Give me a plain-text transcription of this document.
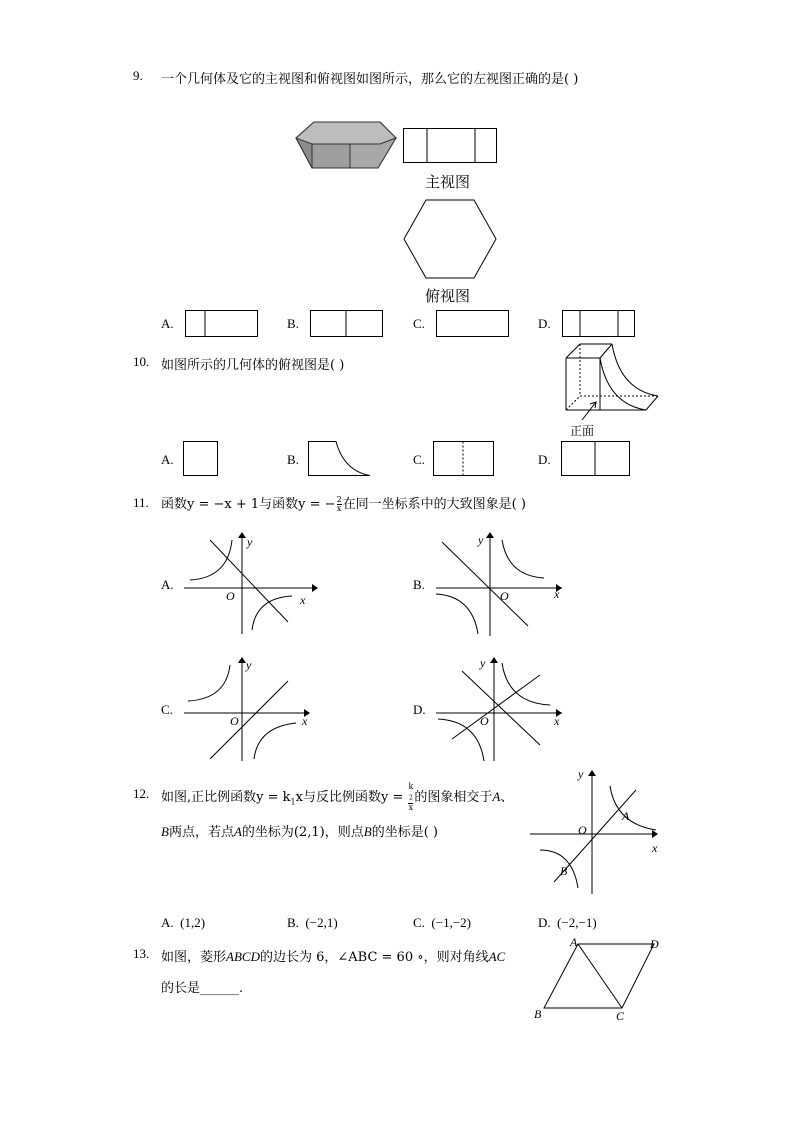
9. 一个几何体及它的主视图和俯视图如图所示，那么它的左视图正确的是( )
主视图
俯视图
A.	B.	C.	D.
10. 如图所示的几何体的俯视图是( )
正面
A.	B.	C.	D.
11. 函数y = −x + 1与函数y = − $\frac{2}{x}$ 在同一坐标系中的大致图象是( )
A.
y
O	x
B.
y
O	x
C.
y
O	x
D.
y
O	x
12. 如图,正比例函数$y = k_1x$与反比例函数y = k
$_2$
x 的图象相交于A、
B两点，若点A的坐标为(2,1)，则点B的坐标是( )
y
O
x
A
B
A. (1,2)	B. (−2,1)	C. (−1,−2)	D. (−2,−1)
13. 如图，菱形ABCD的边长为 6，∠ABC = 60 ∘，则对角线AC
的长是______.
A	D
B	C
